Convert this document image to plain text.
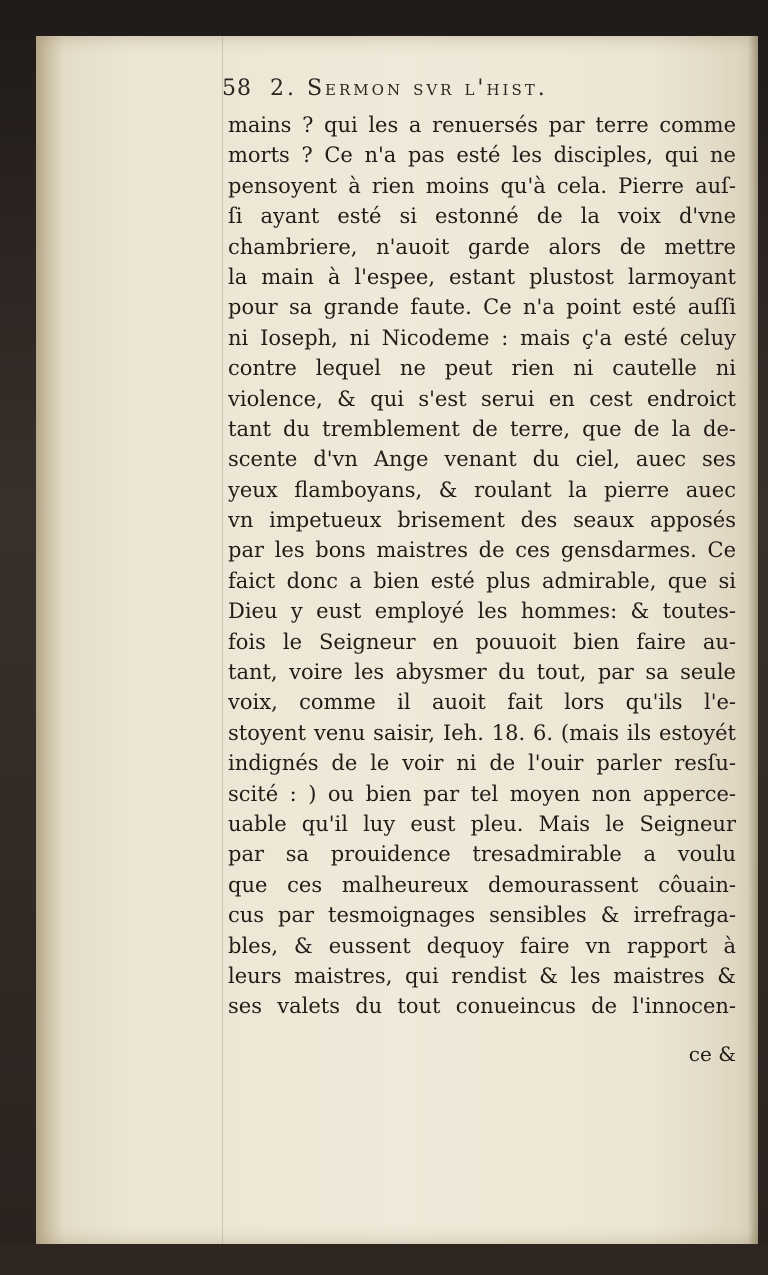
58 2. Sermon svr l'hist.
mains ? qui les a renuersés par terre comme
morts ? Ce n'a pas esté les disciples, qui ne
pensoyent à rien moins qu'à cela. Pierre auſ-
ſi ayant esté si estonné de la voix d'vne
chambriere, n'auoit garde alors de mettre
la main à l'espee, estant plustost larmoyant
pour sa grande faute. Ce n'a point esté auſſi
ni Ioseph, ni Nicodeme : mais ç'a esté celuy
contre lequel ne peut rien ni cautelle ni
violence, & qui s'est serui en cest endroict
tant du tremblement de terre, que de la de-
scente d'vn Ange venant du ciel, auec ses
yeux flamboyans, & roulant la pierre auec
vn impetueux brisement des seaux apposés
par les bons maistres de ces gensdarmes. Ce
faict donc a bien esté plus admirable, que si
Dieu y eust employé les hommes: & toutes-
fois le Seigneur en pouuoit bien faire au-
tant, voire les abysmer du tout, par sa seule
voix, comme il auoit fait lors qu'ils l'e-
stoyent venu saisir, Ieh. 18. 6. (mais ils estoyét
indignés de le voir ni de l'ouir parler resſu-
scité : ) ou bien par tel moyen non apperce-
uable qu'il luy eust pleu. Mais le Seigneur
par sa prouidence tresadmirable a voulu
que ces malheureux demourassent côuain-
cus par tesmoignages sensibles & irrefraga-
bles, & eussent dequoy faire vn rapport à
leurs maistres, qui rendist & les maistres &
ses valets du tout conueincus de l'innocen-
ce &
